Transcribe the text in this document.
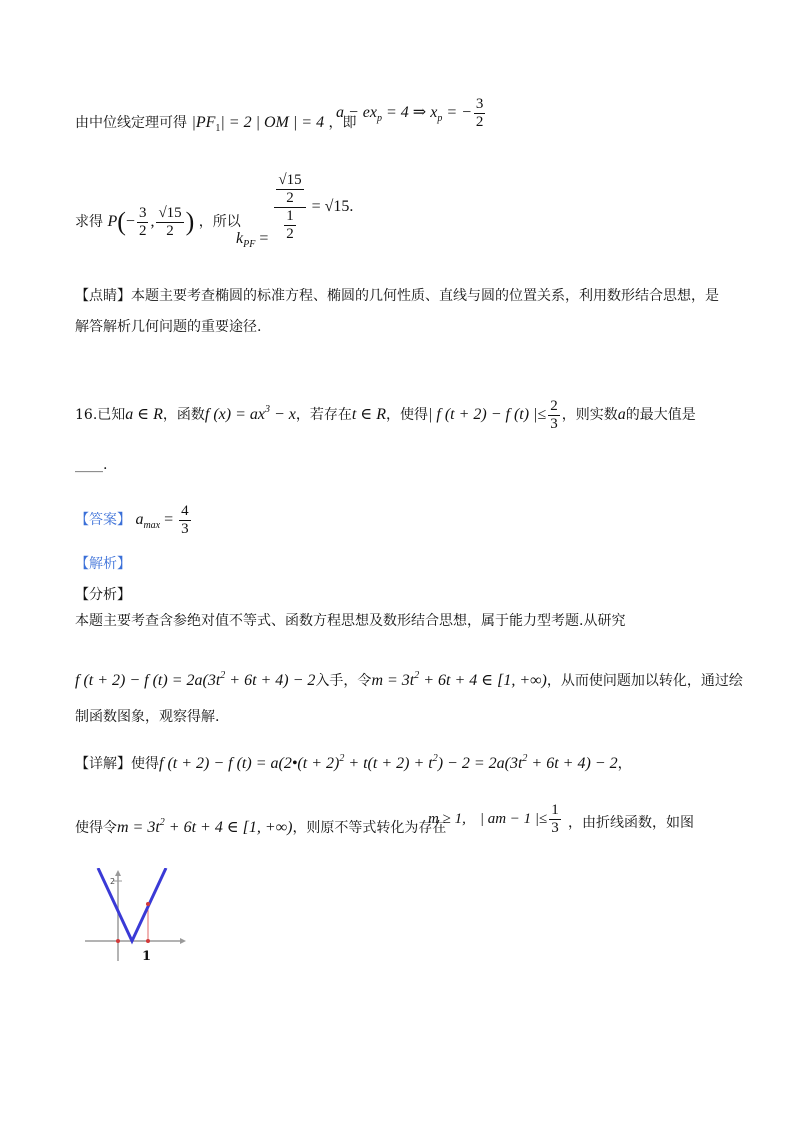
由中位线定理可得 $|PF_1| = 2$ | OM | = 4 ，即
$a - ex_p = 4$ ⇒ $x_p$ = − $\frac{3}{2}$
求得 $P(- \frac{3}{2}$ , $\frac{√15}{2}$ ) ，所以
$k_{PF} = \frac{\frac{√15}{2}}{\frac{1}{2}} = √15$.
【点睛】本题主要考查椭圆的标准方程、椭圆的几何性质、直线与圆的位置关系，利用数形结合思想，是
解答解析几何问题的重要途径.
16.已知a ∈ R，函数f $(x) = ax^3 - x$，若存在t ∈ R，使得| f (t + 2) − f (t) |≤ $\frac{2}{3}$ ，则实数a的最大值是
____.
【答案】 $a_{max} = \frac{4}{3}$
【解析】
【分析】
本题主要考查含参绝对值不等式、函数方程思想及数形结合思想，属于能力型考题.从研究
f (t + 2) − f $(t) = 2a(3t^2 + 6t + 4) - 2$入手，令$m = 3t^2 + 6t + 4$ ∈ [1, +∞)，从而使问题加以转化，通过绘
制函数图象，观察得解.
【详解】使得f (t + 2) − f (t) = a(2•(t + $2)^2 + t(t + 2) + t^2) - 2 = 2a(3t^2 + 6t + 4) - 2$，
使得令$m = 3t^2 + 6t + 4$ ∈ [1, +∞)，则原不等式转化为存在
m ≥ 1, | am − 1 |≤ $\frac{1}{3}$ ，由折线函数，如图
2
1
